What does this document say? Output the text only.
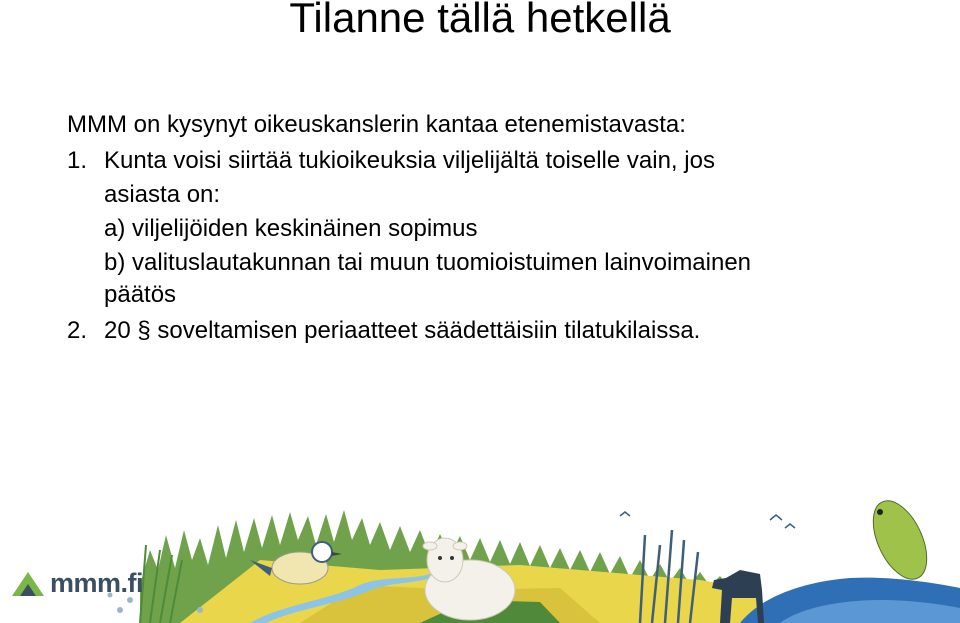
Tilanne tällä hetkellä
MMM on kysynyt oikeuskanslerin kantaa etenemistavasta:
1. Kunta voisi siirtää tukioikeuksia viljelijältä toiselle vain, jos
asiasta on:
a) viljelijöiden keskinäinen sopimus
b) valituslautakunnan tai muun tuomioistuimen lainvoimainen
päätös
2. 20 § soveltamisen periaatteet säädettäisiin tilatukilaissa.
mmm.fi
